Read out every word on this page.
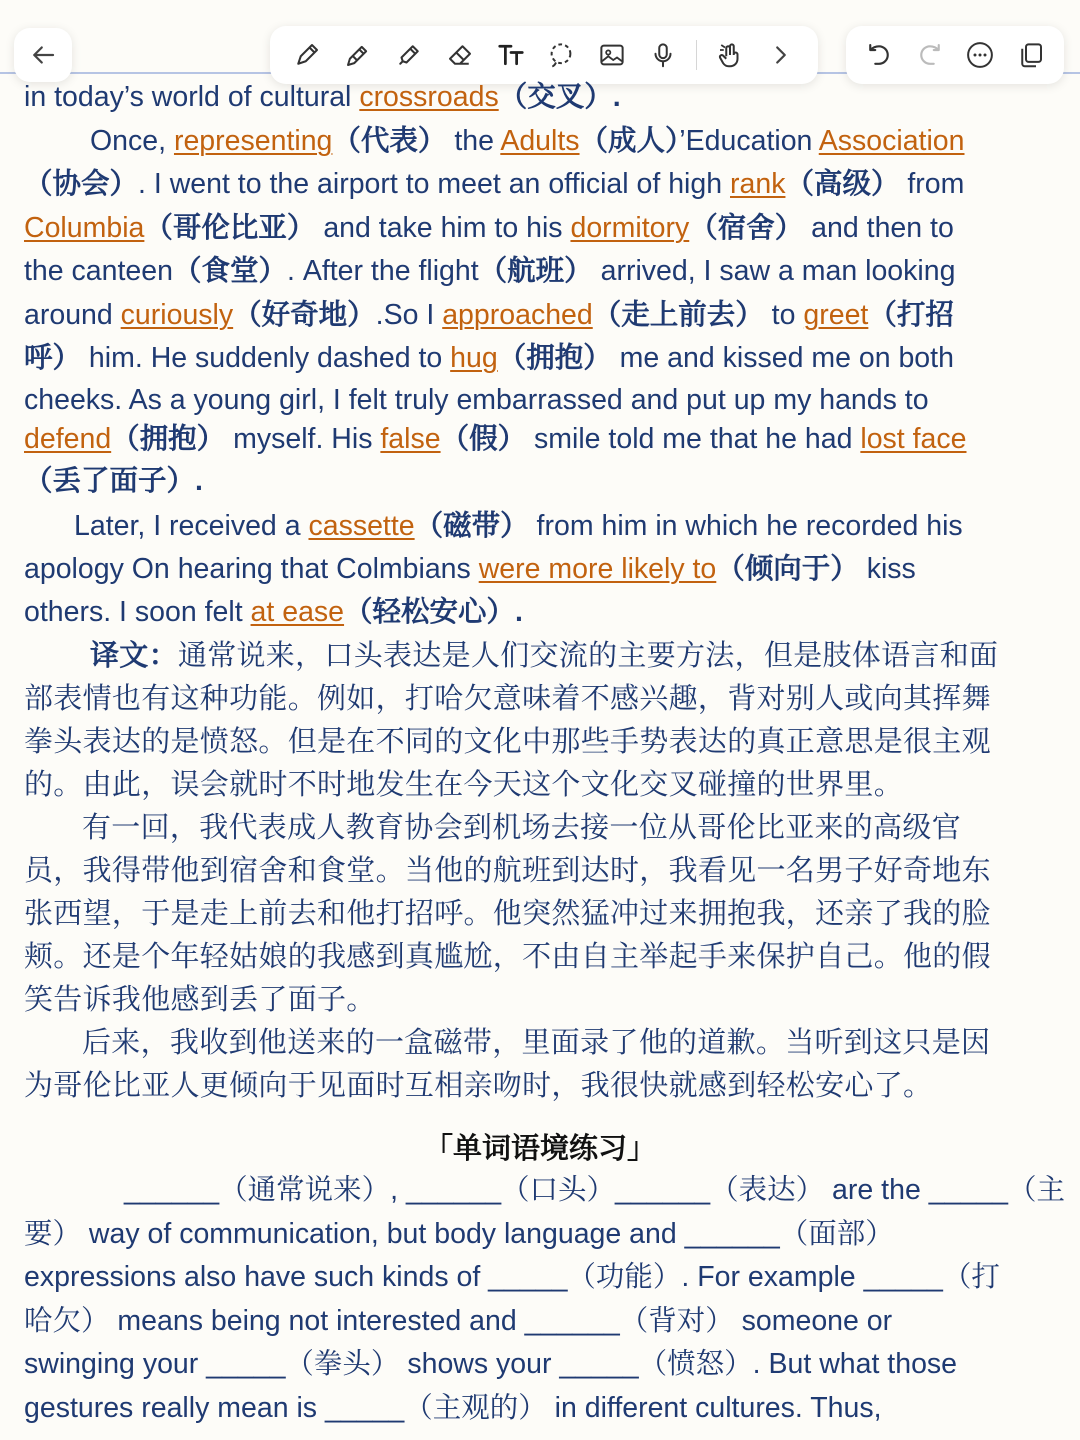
in today’s world of cultural crossroads（交叉）.
Once, representing（代表） the Adults（成人）’Education Association
（协会）. I went to the airport to meet an official of high rank（高级） from
Columbia（哥伦比亚） and take him to his dormitory（宿舍） and then to
the canteen（食堂）. After the flight（航班） arrived, I saw a man looking
around curiously（好奇地）.So I approached（走上前去） to greet（打招
呼） him. He suddenly dashed to hug（拥抱） me and kissed me on both
cheeks. As a young girl, I felt truly embarrassed and put up my hands to
defend（拥抱） myself. His false（假） smile told me that he had lost face
（丢了面子）.
Later, I received a cassette（磁带） from him in which he recorded his
apology On hearing that Colmbians were more likely to（倾向于） kiss
others. I soon felt at ease（轻松安心）.
译文：通常说来，口头表达是人们交流的主要方法，但是肢体语言和面
部表情也有这种功能。例如，打哈欠意味着不感兴趣，背对别人或向其挥舞
拳头表达的是愤怒。但是在不同的文化中那些手势表达的真正意思是很主观
的。由此，误会就时不时地发生在今天这个文化交叉碰撞的世界里。
有一回，我代表成人教育协会到机场去接一位从哥伦比亚来的高级官
员，我得带他到宿舍和食堂。当他的航班到达时，我看见一名男子好奇地东
张西望，于是走上前去和他打招呼。他突然猛冲过来拥抱我，还亲了我的脸
颊。还是个年轻姑娘的我感到真尴尬，不由自主举起手来保护自己。他的假
笑告诉我他感到丢了面子。
后来，我收到他送来的一盒磁带，里面录了他的道歉。当听到这只是因
为哥伦比亚人更倾向于见面时互相亲吻时，我很快就感到轻松安心了。
______（通常说来）, ______（口头）______（表达） are the _____（主
要） way of communication, but body language and ______（面部）
expressions also have such kinds of _____（功能）. For example _____（打
哈欠） means being not interested and ______（背对） someone or
swinging your _____（拳头） shows your _____（愤怒）. But what those
gestures really mean is _____（主观的） in different cultures. Thus,
「单词语境练习」
